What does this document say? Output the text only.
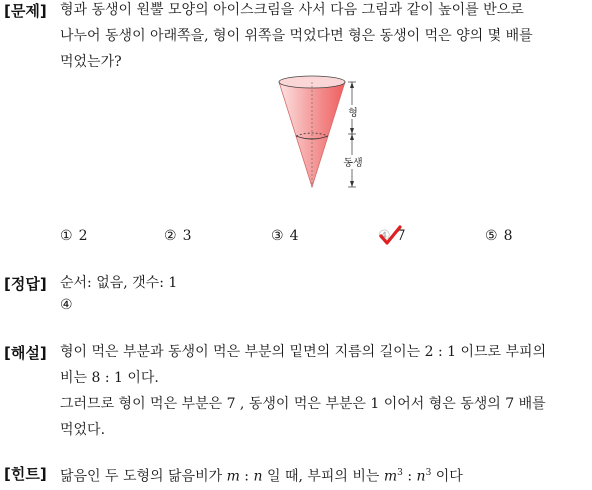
[문제] 형과 동생이 원뿔 모양의 아이스크림을 사서 다음 그림과 같이 높이를 반으로
나누어 동생이 아래쪽을, 형이 위쪽을 먹었다면 형은 동생이 먹은 양의 몇 배를
먹었는가?
형
동생
① 2	② 3	③ 4	④ 7	⑤ 8
[정답] 순서: 없음, 갯수: 1
④
[해설] 형이 먹은 부분과 동생이 먹은 부분의 밑면의 지름의 길이는 2 : 1 이므로 부피의
비는 8 : 1 이다.
그러므로 형이 먹은 부분은 7 , 동생이 먹은 부분은 1 이어서 형은 동생의 7 배를
먹었다.
[힌트] 닮음인 두 도형의 닮음비가 m : n 일 때, 부피의 비는 $m^3$ : $n^3$ 이다
